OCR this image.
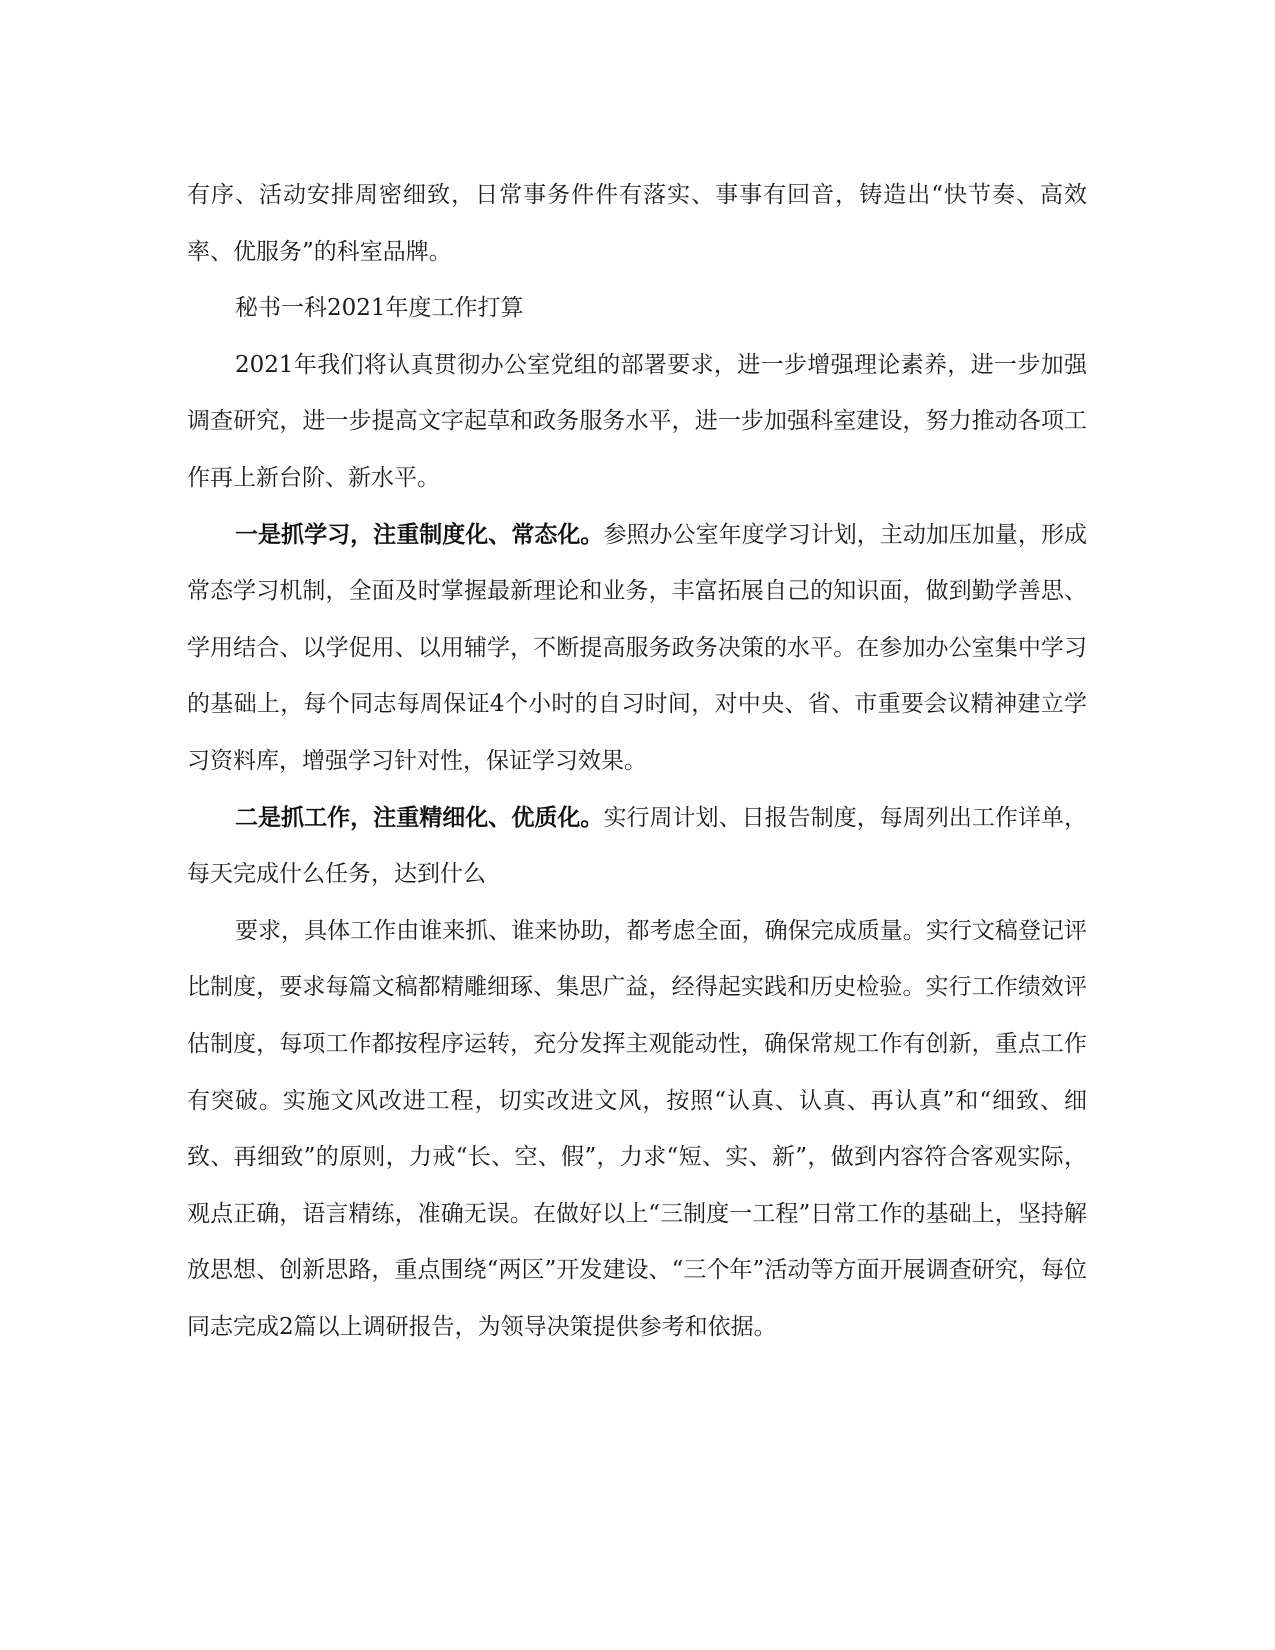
有序、活动安排周密细致，日常事务件件有落实、事事有回音，铸造出“快节奏、高效率、优服务”的科室品牌。

秘书一科2021年度工作打算

2021年我们将认真贯彻办公室党组的部署要求，进一步增强理论素养，进一步加强调查研究，进一步提高文字起草和政务服务水平，进一步加强科室建设，努力推动各项工作再上新台阶、新水平。

一是抓学习，注重制度化、常态化。参照办公室年度学习计划，主动加压加量，形成常态学习机制，全面及时掌握最新理论和业务，丰富拓展自己的知识面，做到勤学善思、学用结合、以学促用、以用辅学，不断提高服务政务决策的水平。在参加办公室集中学习的基础上，每个同志每周保证4个小时的自习时间，对中央、省、市重要会议精神建立学习资料库，增强学习针对性，保证学习效果。

二是抓工作，注重精细化、优质化。实行周计划、日报告制度，每周列出工作详单，每天完成什么任务，达到什么

要求，具体工作由谁来抓、谁来协助，都考虑全面，确保完成质量。实行文稿登记评比制度，要求每篇文稿都精雕细琢、集思广益，经得起实践和历史检验。实行工作绩效评估制度，每项工作都按程序运转，充分发挥主观能动性，确保常规工作有创新，重点工作有突破。实施文风改进工程，切实改进文风，按照“认真、认真、再认真”和“细致、细致、再细致”的原则，力戒“长、空、假”，力求“短、实、新”，做到内容符合客观实际，观点正确，语言精练，准确无误。在做好以上“三制度一工程”日常工作的基础上，坚持解放思想、创新思路，重点围绕“两区”开发建设、“三个年”活动等方面开展调查研究，每位同志完成2篇以上调研报告，为领导决策提供参考和依据。
